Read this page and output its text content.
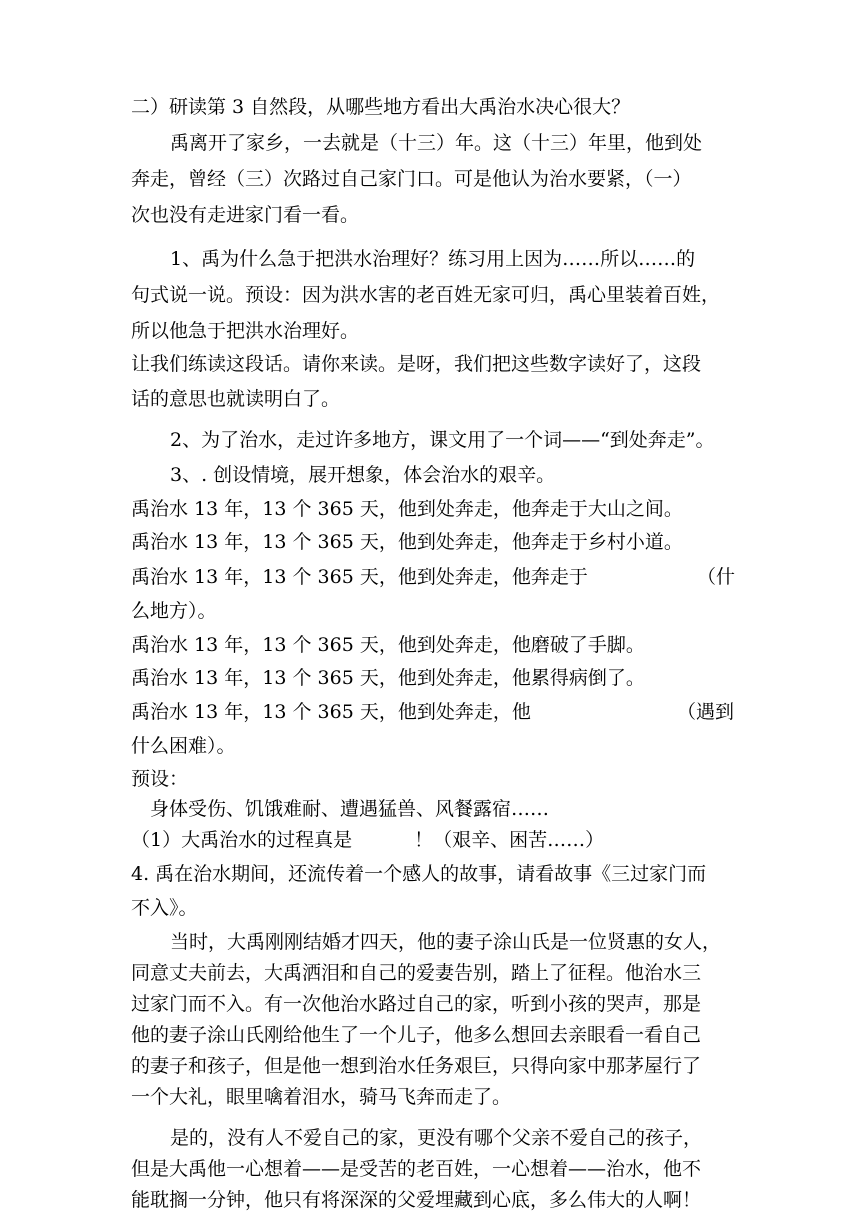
二）研读第 3 自然段，从哪些地方看出大禹治水决心很大？
禹离开了家乡，一去就是（十三）年。这（十三）年里，他到处
奔走，曾经（三）次路过自己家门口。可是他认为治水要紧，（一）
次也没有走进家门看一看。
1、禹为什么急于把洪水治理好？练习用上因为……所以……的
句式说一说。预设：因为洪水害的老百姓无家可归，禹心里装着百姓，
所以他急于把洪水治理好。
让我们练读这段话。请你来读。是呀，我们把这些数字读好了，这段
话的意思也就读明白了。
2、为了治水，走过许多地方，课文用了一个词——“到处奔走”。
3、. 创设情境，展开想象，体会治水的艰辛。
禹治水 13 年，13 个 365 天，他到处奔走，他奔走于大山之间。
禹治水 13 年，13 个 365 天，他到处奔走，他奔走于乡村小道。
禹治水 13 年，13 个 365 天，他到处奔走，他奔走于	（什
么地方）。
禹治水 13 年，13 个 365 天，他到处奔走，他磨破了手脚。
禹治水 13 年，13 个 365 天，他到处奔走，他累得病倒了。
禹治水 13 年，13 个 365 天，他到处奔走，他	（遇到
什么困难）。
预设：
身体受伤、饥饿难耐、遭遇猛兽、风餐露宿……
（1）大禹治水的过程真是	！（艰辛、困苦……）
4. 禹在治水期间，还流传着一个感人的故事，请看故事《三过家门而
不入》。
当时，大禹刚刚结婚才四天，他的妻子涂山氏是一位贤惠的女人，
同意丈夫前去，大禹洒泪和自己的爱妻告别，踏上了征程。他治水三
过家门而不入。有一次他治水路过自己的家，听到小孩的哭声，那是
他的妻子涂山氏刚给他生了一个儿子，他多么想回去亲眼看一看自己
的妻子和孩子，但是他一想到治水任务艰巨，只得向家中那茅屋行了
一个大礼，眼里噙着泪水，骑马飞奔而走了。
是的，没有人不爱自己的家，更没有哪个父亲不爱自己的孩子，
但是大禹他一心想着——是受苦的老百姓，一心想着——治水，他不
能耽搁一分钟，他只有将深深的父爱埋藏到心底，多么伟大的人啊！
